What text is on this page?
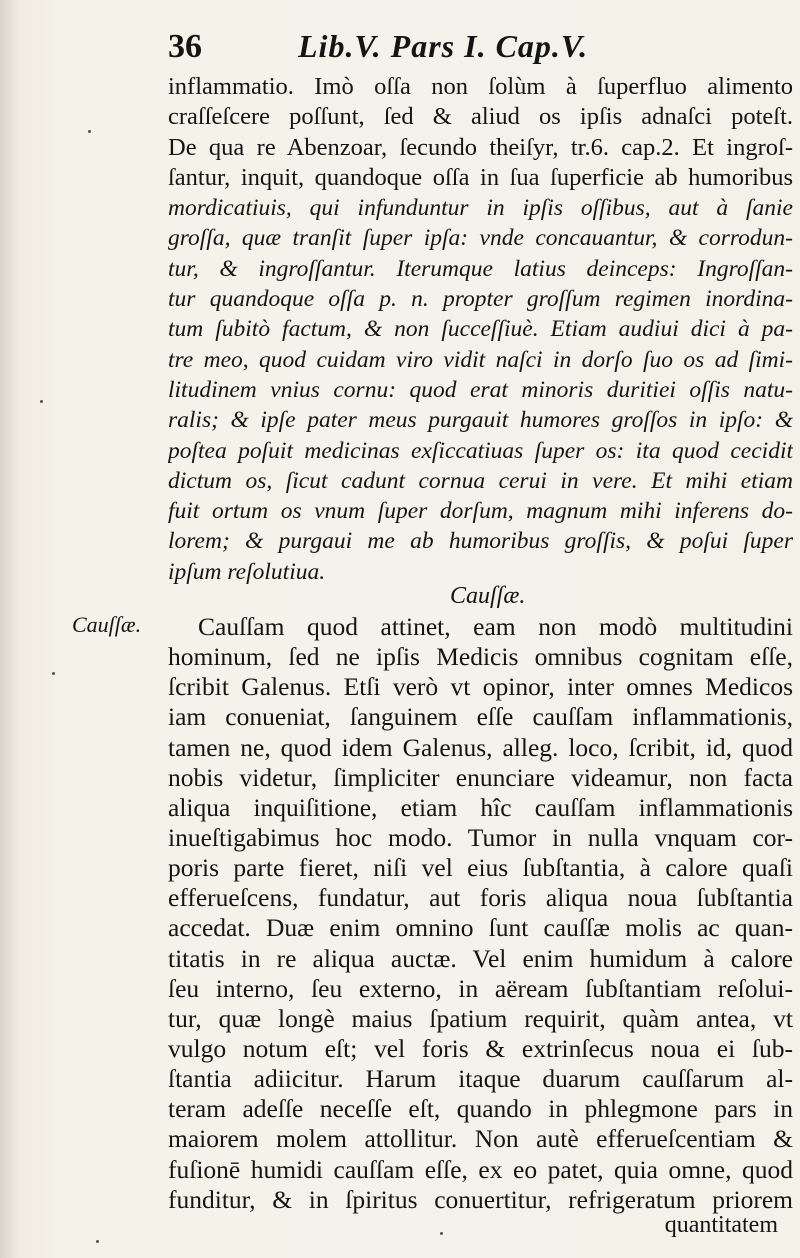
36	Lib.V. Pars I. Cap.V.
inflammatio. Imò oſſa non ſolùm à ſuperfluo alimento
craſſeſcere poſſunt, ſed & aliud os ipſis adnaſci poteſt.
De qua re Abenzoar, ſecundo theiſyr, tr.6. cap.2. Et ingroſ-
ſantur, inquit, quandoque oſſa in ſua ſuperficie ab humoribus
mordicatiuis, qui infunduntur in ipſis oſſibus, aut à ſanie
groſſa, quæ tranſit ſuper ipſa: vnde concauantur, & corrodun-
tur, & ingroſſantur. Iterumque latius deinceps: Ingroſſan-
tur quandoque oſſa p. n. propter groſſum regimen inordina-
tum ſubitò factum, & non ſucceſſiuè. Etiam audiui dici à pa-
tre meo, quod cuidam viro vidit naſci in dorſo ſuo os ad ſimi-
litudinem vnius cornu: quod erat minoris duritiei oſſis natu-
ralis; & ipſe pater meus purgauit humores groſſos in ipſo: &
poſtea poſuit medicinas exſiccatiuas ſuper os: ita quod cecidit
dictum os, ſicut cadunt cornua cerui in vere. Et mihi etiam
fuit ortum os vnum ſuper dorſum, magnum mihi inferens do-
lorem; & purgaui me ab humoribus groſſis, & poſui ſuper
ipſum reſolutiua.
Cauſſæ.
Cauſſæ.	Cauſſam quod attinet, eam non modò multitudini
hominum, ſed ne ipſis Medicis omnibus cognitam eſſe,
ſcribit Galenus. Etſi verò vt opinor, inter omnes Medicos
iam conueniat, ſanguinem eſſe cauſſam inflammationis,
tamen ne, quod idem Galenus, alleg. loco, ſcribit, id, quod
nobis videtur, ſimpliciter enunciare videamur, non facta
aliqua inquiſitione, etiam hîc cauſſam inflammationis
inueſtigabimus hoc modo. Tumor in nulla vnquam cor-
poris parte fieret, niſi vel eius ſubſtantia, à calore quaſi
efferueſcens, fundatur, aut foris aliqua noua ſubſtantia
accedat. Duæ enim omnino ſunt cauſſæ molis ac quan-
titatis in re aliqua auctæ. Vel enim humidum à calore
ſeu interno, ſeu externo, in aëream ſubſtantiam reſolui-
tur, quæ longè maius ſpatium requirit, quàm antea, vt
vulgo notum eſt; vel foris & extrinſecus noua ei ſub-
ſtantia adiicitur. Harum itaque duarum cauſſarum al-
teram adeſſe neceſſe eſt, quando in phlegmone pars in
maiorem molem attollitur. Non autè efferueſcentiam &
fuſionē humidi cauſſam eſſe, ex eo patet, quia omne, quod
funditur, & in ſpiritus conuertitur, refrigeratum priorem
quantitatem
